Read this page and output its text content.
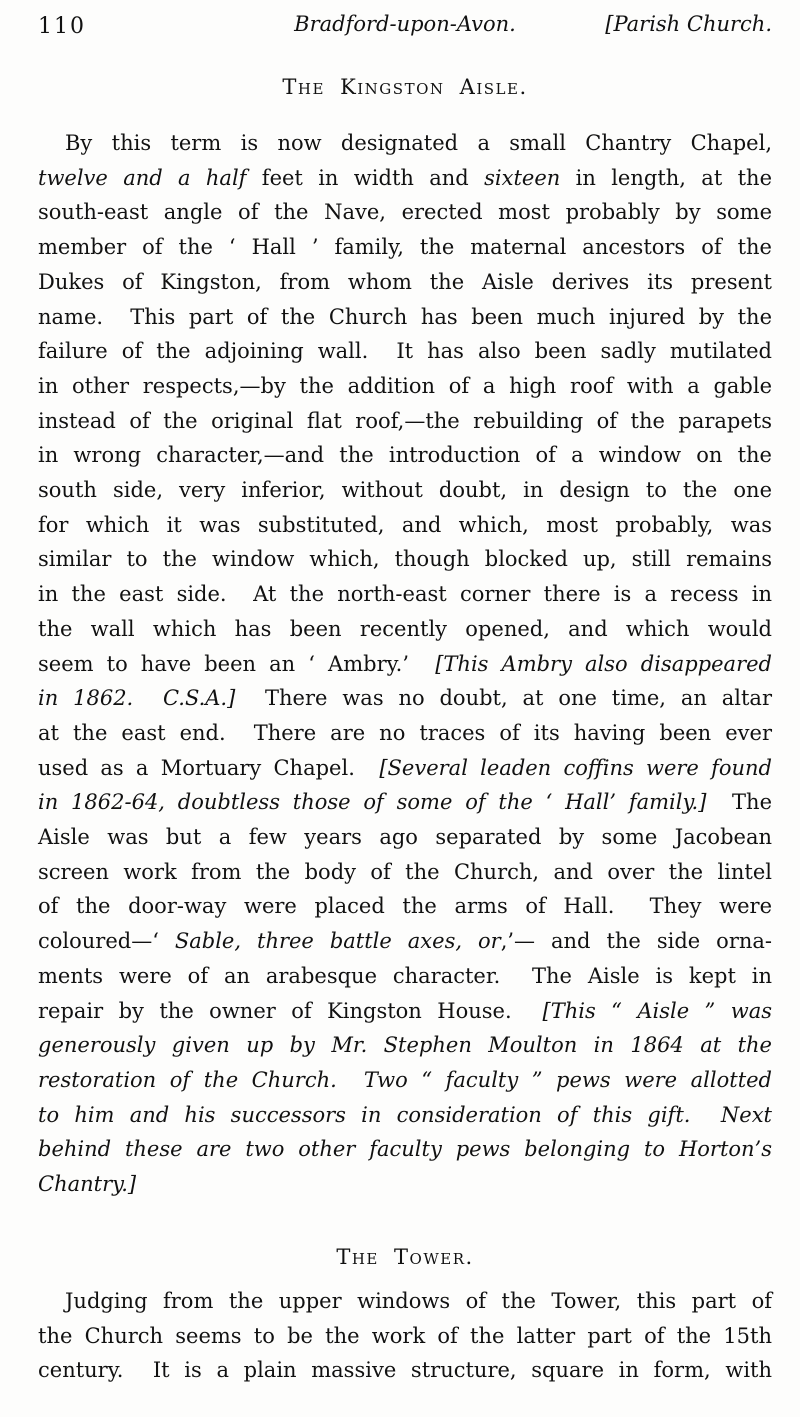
110	Bradford-upon-Avon.	[Parish Church.
The Kingston Aisle.
By this term is now designated a small Chantry Chapel,
twelve and a half feet in width and sixteen in length, at the
south-east angle of the Nave, erected most probably by some
member of the ‘ Hall ’ family, the maternal ancestors of the
Dukes of Kingston, from whom the Aisle derives its present
name.  This part of the Church has been much injured by the
failure of the adjoining wall.  It has also been sadly mutilated
in other respects,—by the addition of a high roof with a gable
instead of the original flat roof,—the rebuilding of the parapets
in wrong character,—and the introduction of a window on the
south side, very inferior, without doubt, in design to the one
for which it was substituted, and which, most probably, was
similar to the window which, though blocked up, still remains
in the east side.  At the north-east corner there is a recess in
the wall which has been recently opened, and which would
seem to have been an ‘ Ambry.’  [This Ambry also disappeared
in 1862.  C.S.A.]  There was no doubt, at one time, an altar
at the east end.  There are no traces of its having been ever
used as a Mortuary Chapel.  [Several leaden coffins were found
in 1862-64, doubtless those of some of the ‘ Hall’ family.]  The
Aisle was but a few years ago separated by some Jacobean
screen work from the body of the Church, and over the lintel
of the door-way were placed the arms of Hall.  They were
coloured—‘ Sable, three battle axes, or,’— and the side orna-
ments were of an arabesque character.  The Aisle is kept in
repair by the owner of Kingston House.  [This “ Aisle ” was
generously given up by Mr. Stephen Moulton in 1864 at the
restoration of the Church.  Two “ faculty ” pews were allotted
to him and his successors in consideration of this gift.  Next
behind these are two other faculty pews belonging to Horton’s
Chantry.]
The Tower.
Judging from the upper windows of the Tower, this part of
the Church seems to be the work of the latter part of the 15th
century.  It is a plain massive structure, square in form, with
